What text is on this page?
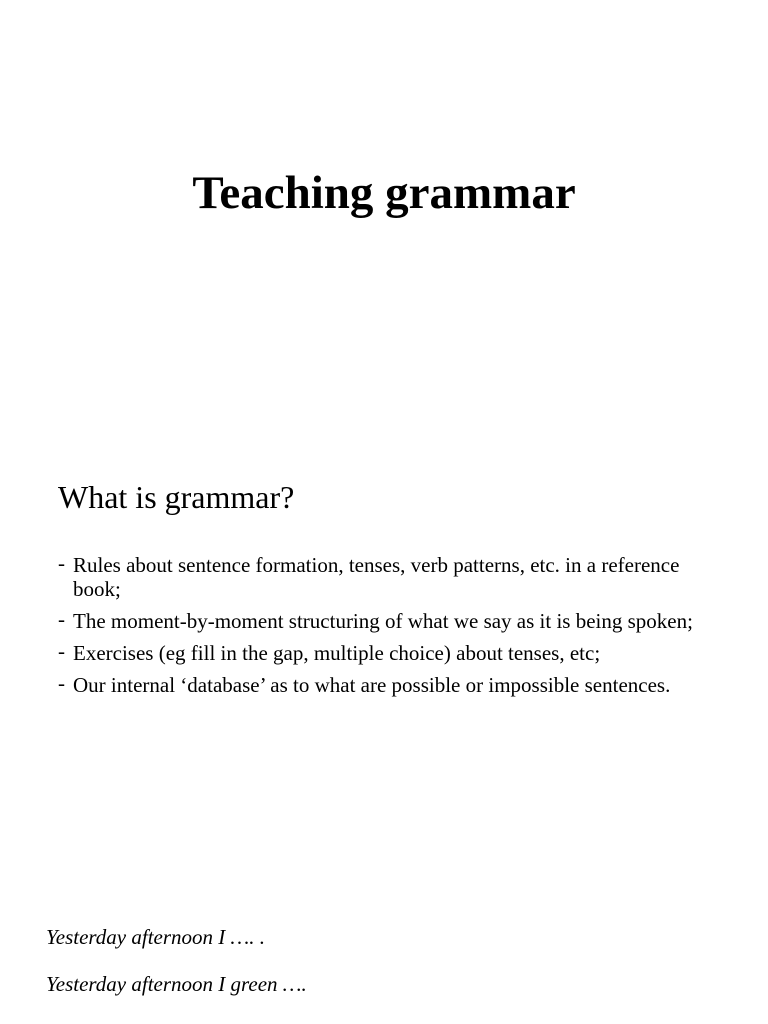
Teaching grammar
What is grammar?
- Rules about sentence formation, tenses, verb patterns, etc. in a reference book;
- The moment-by-moment structuring of what we say as it is being spoken;
- Exercises (eg fill in the gap, multiple choice) about tenses, etc;
- Our internal ‘database’ as to what are possible or impossible sentences.

Yesterday afternoon I …. .

Yesterday afternoon I green ….
